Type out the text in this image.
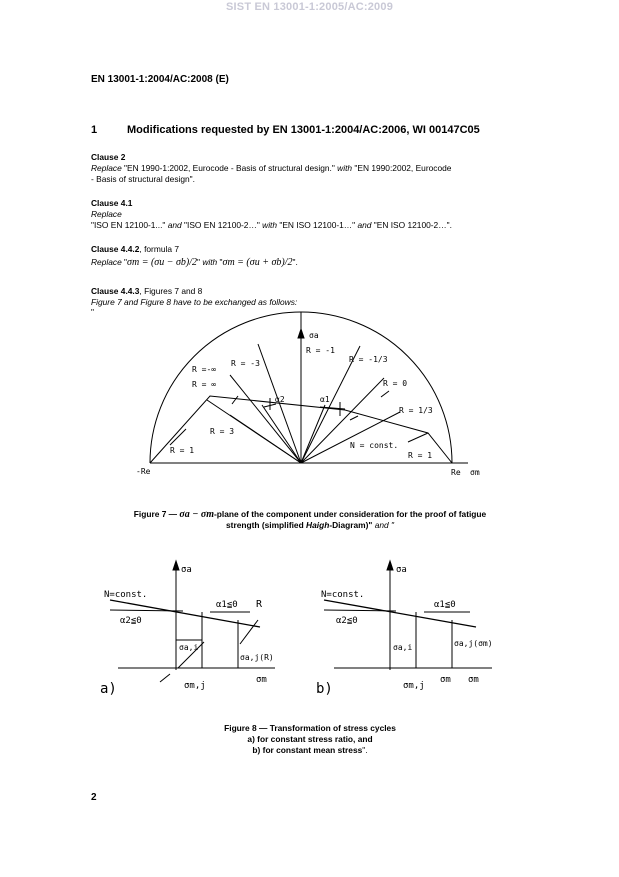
SIST EN 13001-1:2005/AC:2009
EN 13001-1:2004/AC:2008 (E)
1	Modifications requested by EN 13001-1:2004/AC:2006, WI 00147C05
Clause 2
Replace "EN 1990-1:2002, Eurocode - Basis of structural design." with "EN 1990:2002, Eurocode
- Basis of structural design".
Clause 4.1
Replace
"ISO EN 12100-1..." and "ISO EN 12100-2…" with "EN ISO 12100-1…" and "EN ISO 12100-2…".
Clause 4.4.2, formula 7
Replace "σm = (σu − σb)/2" with "σm = (σu + σb)/2".
Clause 4.4.3, Figures 7 and 8
Figure 7 and Figure 8 have to be exchanged as follows:
"
σa
R = -1
R = -3	R = -1/3
R =-∞
R = ∞	R = 0
R = 1/3
R = 3
R = 1
R = 1
α2	α1
N = const.
-Re	Re σm
Figure 7 — σa − σm-plane of the component under consideration for the proof of fatigue
strength (simplified Haigh-Diagram)" and "
σa
N=const.
α1≦0 R
α2≦0
σa,i
σa,j(R)
σm,j
σm
a)
σa
N=const.
α1≦0
α2≦0
σa,i	σa,j(σm)
σm,j
σm σm
b)
Figure 8 — Transformation of stress cycles
a) for constant stress ratio, and
b) for constant mean stress".
2
